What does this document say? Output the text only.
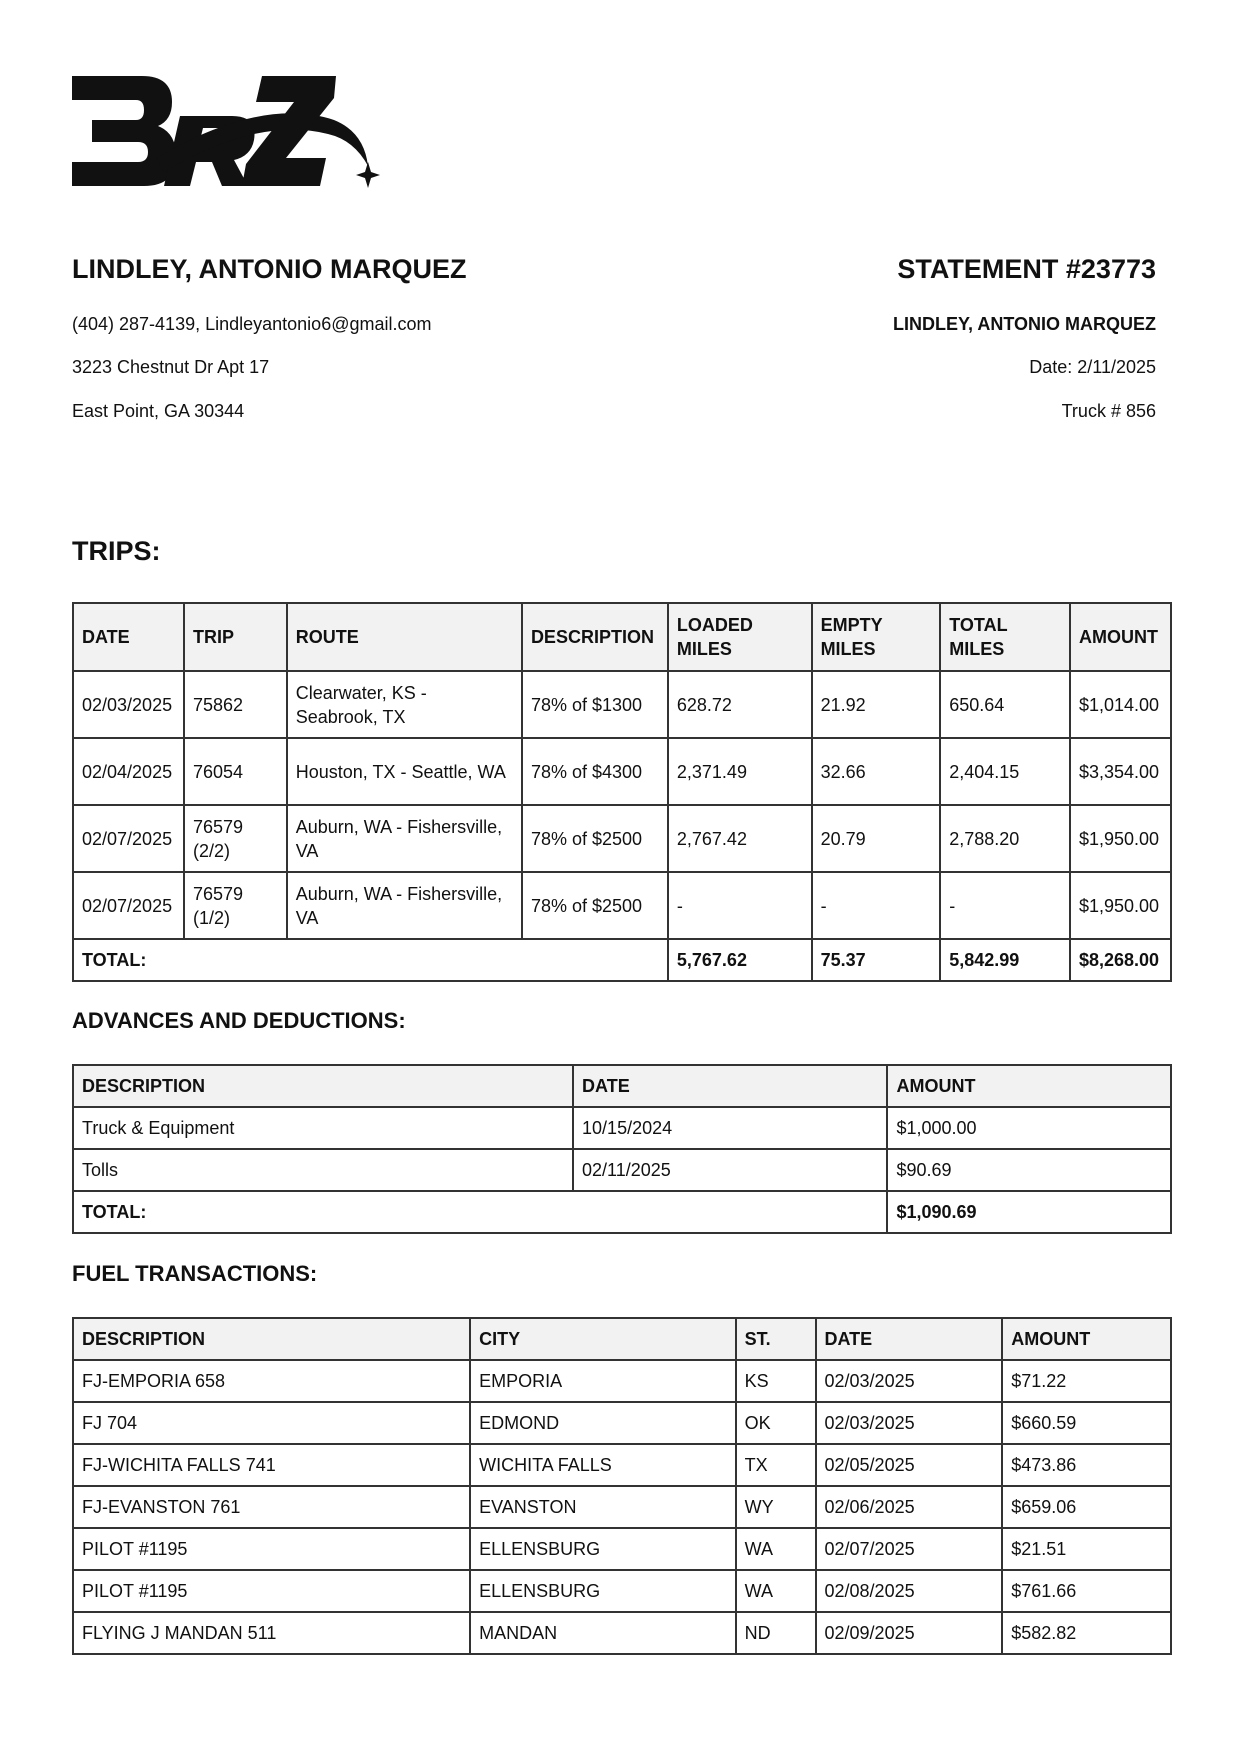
LINDLEY, ANTONIO MARQUEZ
(404) 287-4139, Lindleyantonio6@gmail.com
3223 Chestnut Dr Apt 17
East Point, GA 30344
STATEMENT #23773
LINDLEY, ANTONIO MARQUEZ
Date: 2/11/2025
Truck # 856
TRIPS:
DATE	TRIP	ROUTE	DESCRIPTION	LOADED MILES	EMPTY MILES	TOTAL MILES	AMOUNT
02/03/2025	75862	Clearwater, KS - Seabrook, TX	78% of $1300	628.72	21.92	650.64	$1,014.00
02/04/2025	76054	Houston, TX - Seattle, WA	78% of $4300	2,371.49	32.66	2,404.15	$3,354.00
02/07/2025	76579 (2/2)	Auburn, WA - Fishersville, VA	78% of $2500	2,767.42	20.79	2,788.20	$1,950.00
02/07/2025	76579 (1/2)	Auburn, WA - Fishersville, VA	78% of $2500	-	-	-	$1,950.00
TOTAL:				5,767.62	75.37	5,842.99	$8,268.00
ADVANCES AND DEDUCTIONS:
DESCRIPTION	DATE	AMOUNT
Truck & Equipment	10/15/2024	$1,000.00
Tolls	02/11/2025	$90.69
TOTAL:		$1,090.69
FUEL TRANSACTIONS:
DESCRIPTION	CITY	ST.	DATE	AMOUNT
FJ-EMPORIA 658	EMPORIA	KS	02/03/2025	$71.22
FJ 704	EDMOND	OK	02/03/2025	$660.59
FJ-WICHITA FALLS 741	WICHITA FALLS	TX	02/05/2025	$473.86
FJ-EVANSTON 761	EVANSTON	WY	02/06/2025	$659.06
PILOT #1195	ELLENSBURG	WA	02/07/2025	$21.51
PILOT #1195	ELLENSBURG	WA	02/08/2025	$761.66
FLYING J MANDAN 511	MANDAN	ND	02/09/2025	$582.82
